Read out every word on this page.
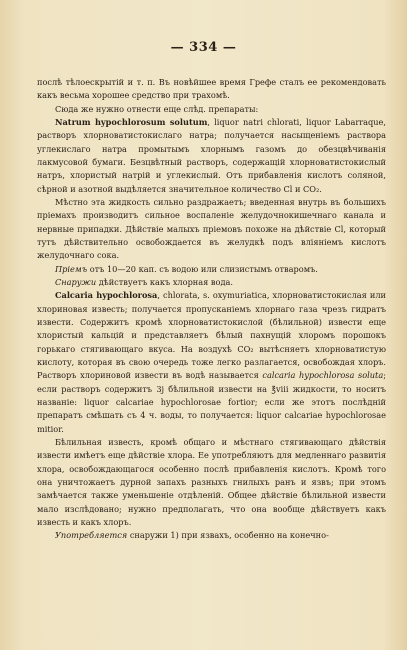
— 334 —

послѣ тѣлоескрытій и т. п. Въ новѣйшее время Грефе сталъ ее рекомендовать какъ весьма хорошее средство при трахомѣ.

Сюда же нужно отнести еще слѣд. препараты:

Natrum hypochlorosum solutum, liquor natri chlorati, liquor Labarraque, растворъ хлорноватистокислаго натра; получается насыщеніемъ раствора углекислаго натра промытымъ хлорнымъ газомъ до обезцвѣчиванія лакмусовой бумаги. Безцвѣтный растворъ, содержащій хлорноватистокислый натръ, хлористый натрій и углекислый. Отъ прибавленія кислотъ соляной, сѣрной и азотной выдѣляется значительное количество Cl и CO₂.

Мѣстно эта жидкость сильно раздражаетъ; введенная внутрь въ большихъ пріемахъ производитъ сильное воспаленіе желудочнокишечнаго канала и нервные припадки. Дѣйствіе малыхъ пріемовъ похоже на дѣйствіе Cl, который тутъ дѣйствительно освобождается въ желудкѣ подъ вліяніемъ кислотъ желудочнаго сока.

Пріемъ отъ 10—20 кап. съ водою или слизистымъ отваромъ.

Снаружи дѣйствуетъ какъ хлорная вода.

Calcaria hypochlorosa, chlorata, s. oxymuriatica, хлорноватистокислая или хлориновая известь; получается пропусканіемъ хлорнаго газа чрезъ гидратъ извести. Содержитъ кромѣ хлорноватистокислой (бѣлильной) извести еще хлористый кальцій и представляетъ бѣлый пахнущій хлоромъ порошокъ горькаго стягивающаго вкуса. На воздухѣ CO₂ вытѣсняетъ хлорноватистую кислоту, которая въ свою очередь тоже легко разлагается, освобождая хлоръ. Растворъ хлориновой извести въ водѣ называется calcaria hypochlorosa soluta; если растворъ содержитъ 3j бѣлильной извести на ℥viii жидкости, то носитъ названіе: liquor calcariae hypochlorosae fortior; если же этотъ послѣдній препаратъ смѣшать съ 4 ч. воды, то получается: liquor calcariae hypochlorosae mitior.

Бѣлильная известь, кромѣ общаго и мѣстнаго стягивающаго дѣйствія извести имѣетъ еще дѣйствіе хлора. Ее употребляютъ для медленнаго развитія хлора, освобождающагося особенно послѣ прибавленія кислотъ. Кромѣ того она уничтожаетъ дурной запахъ разныхъ гнилыхъ ранъ и язвъ; при этомъ замѣчается также уменьшеніе отдѣленій. Общее дѣйствіе бѣлильной извести мало изслѣдовано; нужно предполагать, что она вообще дѣйствуетъ какъ известь и какъ хлоръ.

Употребляется снаружи 1) при язвахъ, особенно на конечно-
